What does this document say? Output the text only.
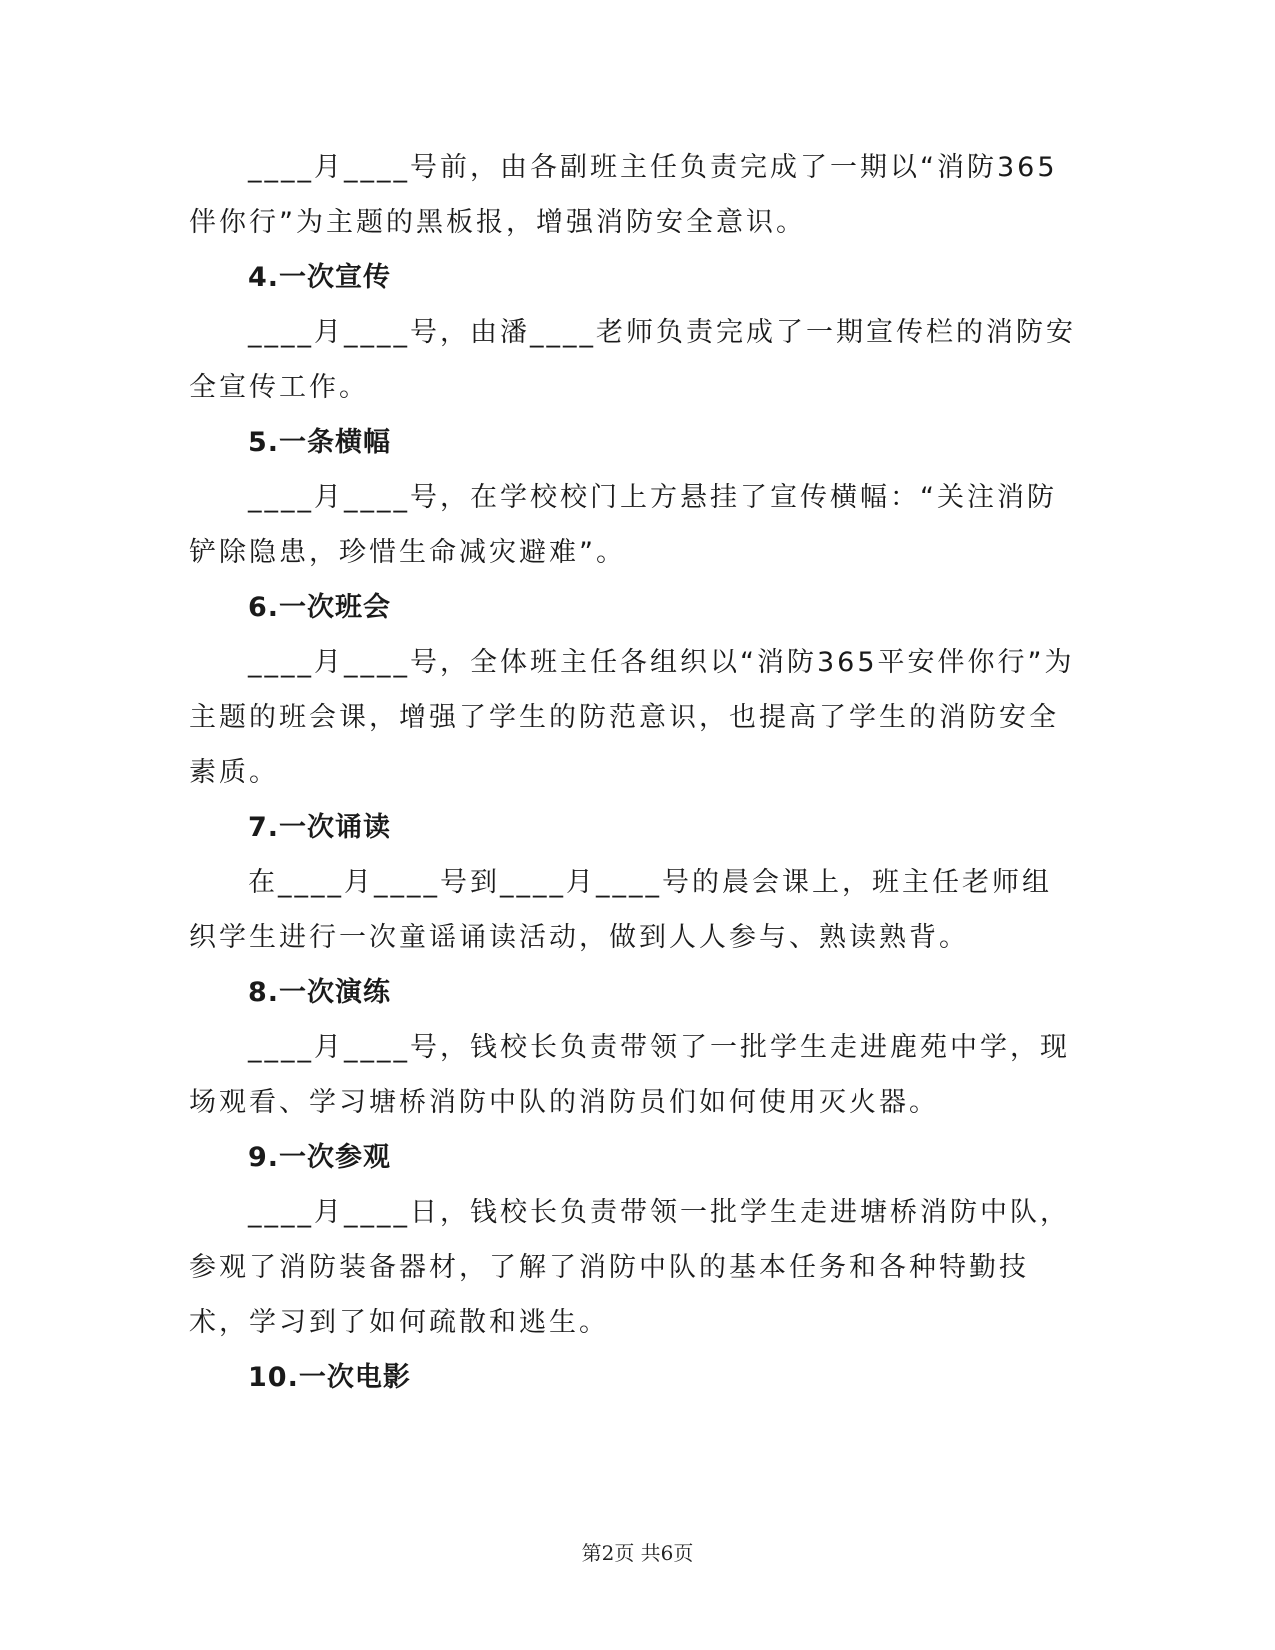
____月____号前，由各副班主任负责完成了一期以“消防365伴你行”为主题的黑板报，增强消防安全意识。

4.一次宣传

____月____号，由潘____老师负责完成了一期宣传栏的消防安全宣传工作。

5.一条横幅

____月____号，在学校校门上方悬挂了宣传横幅：“关注消防铲除隐患，珍惜生命减灾避难”。

6.一次班会

____月____号，全体班主任各组织以“消防365平安伴你行”为主题的班会课，增强了学生的防范意识，也提高了学生的消防安全素质。

7.一次诵读

在____月____号到____月____号的晨会课上，班主任老师组织学生进行一次童谣诵读活动，做到人人参与、熟读熟背。

8.一次演练

____月____号，钱校长负责带领了一批学生走进鹿苑中学，现场观看、学习塘桥消防中队的消防员们如何使用灭火器。

9.一次参观

____月____日，钱校长负责带领一批学生走进塘桥消防中队，参观了消防装备器材，了解了消防中队的基本任务和各种特勤技术，学习到了如何疏散和逃生。

10.一次电影

第2页 共6页
